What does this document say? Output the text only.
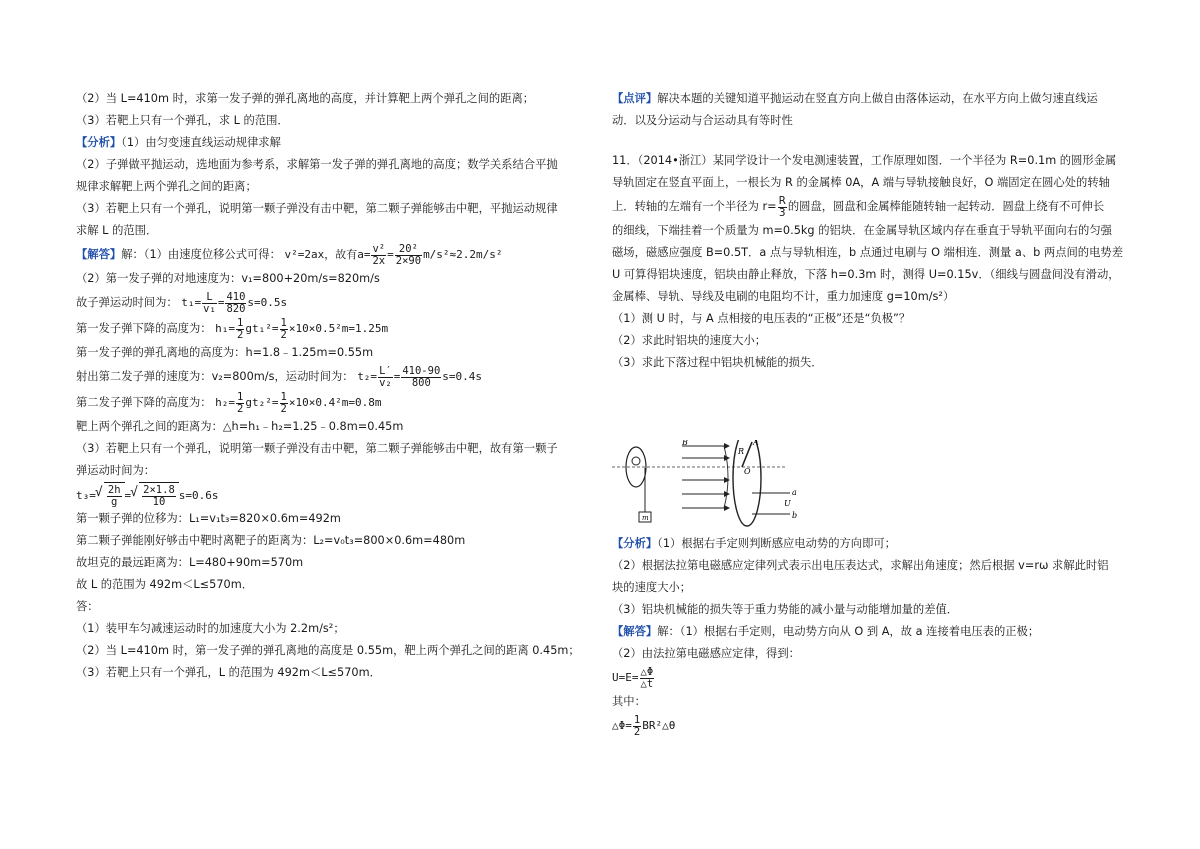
（2）当 L=410m 时，求第一发子弹的弹孔离地的高度，并计算靶上两个弹孔之间的距离；
（3）若靶上只有一个弹孔，求 L 的范围．
【分析】（1）由匀变速直线运动规律求解
（2）子弹做平抛运动，选地面为参考系，求解第一发子弹的弹孔离地的高度；数学关系结合平抛
规律求解靶上两个弹孔之间的距离；
（3）若靶上只有一个弹孔，说明第一颗子弹没有击中靶，第二颗子弹能够击中靶，平抛运动规律
求解 L 的范围．
【解答】解：（1）由速度位移公式可得： v²=2ax，故有$a= \frac{\text{v²}}{2x} = \frac{\text{20²}}{2\times 90} m/s^2\approx 2.2m/s^2$
（2）第一发子弹的对地速度为：v₁=800+20m/s=820m/s
故子弹运动时间为： $t_1= \frac{L}{\text{v₁}} = \frac{410}{820} s=0.5s$
第一发子弹下降的高度为： $h_1= \frac{1}{2} gt_1^2= \frac{1}{2} \times 10\times 0.5^2m=1.25m$
第一发子弹的弹孔离地的高度为：h=1.8﹣1.25m=0.55m
射出第二发子弹的速度为：v₂=800m/s，运动时间为： $t_2= \frac{L'}{\text{v₂}} = \frac{410-90}{800} s=0.4s$
第二发子弹下降的高度为： $h_2= \frac{1}{2} gt_2^2= \frac{1}{2} \times 10\times 0.4^2m=0.8m$
靶上两个弹孔之间的距离为：△h=h₁﹣h₂=1.25﹣0.8m=0.45m
（3）若靶上只有一个弹孔，说明第一颗子弹没有击中靶，第二颗子弹能够击中靶，故有第一颗子
弹运动时间为：
t₃= √ $\frac{2h}{g}$ = √ $\frac{2\times 1.8}{10} s=0.6s$
第一颗子弹的位移为：L₁=v₁t₃=820×0.6m=492m
第二颗子弹能刚好够击中靶时离靶子的距离为：L₂=v₀t₃=800×0.6m=480m
故坦克的最远距离为：L=480+90m=570m
故 L 的范围为 492m＜L≤570m．
答：
（1）装甲车匀减速运动时的加速度大小为 2.2m/s²；
（2）当 L=410m 时，第一发子弹的弹孔离地的高度是 0.55m，靶上两个弹孔之间的距离 0.45m；
（3）若靶上只有一个弹孔，L 的范围为 492m＜L≤570m．
【点评】解决本题的关键知道平抛运动在竖直方向上做自由落体运动，在水平方向上做匀速直线运
动．以及分运动与合运动具有等时性
11．（2014•浙江）某同学设计一个发电测速装置，工作原理如图．一个半径为 R=0.1m 的圆形金属
导轨固定在竖直平面上，一根长为 R 的金属棒 0A，A 端与导轨接触良好，O 端固定在圆心处的转轴
上．转轴的左端有一个半径为 $r= \frac{R}{3}$ 的圆盘，圆盘和金属棒能随转轴一起转动．圆盘上绕有不可伸长
的细线，下端挂着一个质量为 m=0.5kg 的铝块．在金属导轨区域内存在垂直于导轨平面向右的匀强
磁场，磁感应强度 B=0.5T．a 点与导轨相连，b 点通过电刷与 O 端相连．测量 a、b 两点间的电势差
U 可算得铝块速度，铝块由静止释放，下落 h=0.3m 时，测得 U=0.15v．（细线与圆盘间没有滑动，
金属棒、导轨、导线及电刷的电阻均不计，重力加速度 g=10m/s²）
（1）测 U 时，与 A 点相接的电压表的“正极”还是“负极”？
（2）求此时铝块的速度大小；
（3）求此下落过程中铝块机械能的损失．
m
B	A
R
O
a
U
b
【分析】（1）根据右手定则判断感应电动势的方向即可；
（2）根据法拉第电磁感应定律列式表示出电压表达式，求解出角速度；然后根据 v=rω 求解此时铝
块的速度大小；
（3）铝块机械能的损失等于重力势能的减小量与动能增加量的差值．
【解答】解：（1）根据右手定则，电动势方向从 O 到 A，故 a 连接着电压表的正极；
（2）由法拉第电磁感应定律，得到：
$U=E= \frac{\triangle\Phi}{\triangle t}$
其中：
△Φ= $\frac{1}{2}$ BR²△θ
